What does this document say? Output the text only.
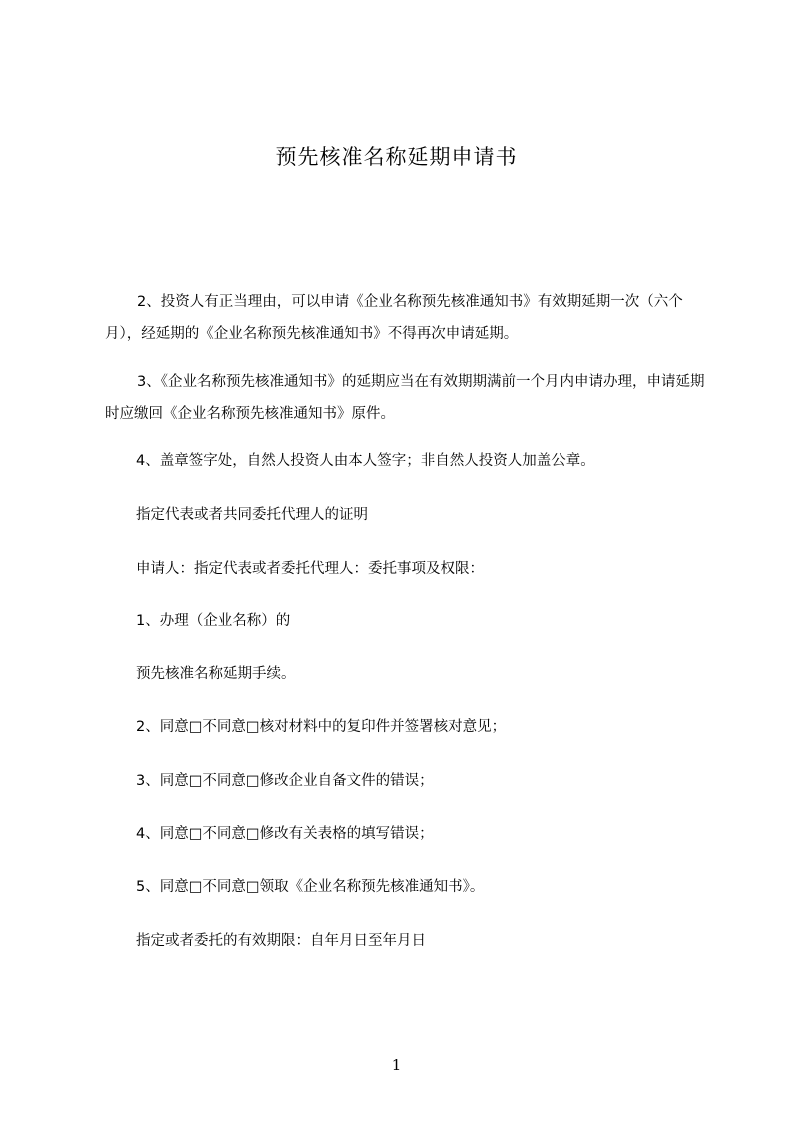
预先核准名称延期申请书

2、投资人有正当理由，可以申请《企业名称预先核准通知书》有效期延期一次（六个月），经延期的《企业名称预先核准通知书》不得再次申请延期。

3、《企业名称预先核准通知书》的延期应当在有效期期满前一个月内申请办理，申请延期时应缴回《企业名称预先核准通知书》原件。

4、盖章签字处，自然人投资人由本人签字；非自然人投资人加盖公章。
指定代表或者共同委托代理人的证明
申请人：指定代表或者委托代理人：委托事项及权限：
1、办理（企业名称）的
预先核准名称延期手续。
2、同意□不同意□核对材料中的复印件并签署核对意见；
3、同意□不同意□修改企业自备文件的错误；
4、同意□不同意□修改有关表格的填写错误；
5、同意□不同意□领取《企业名称预先核准通知书》。
指定或者委托的有效期限：自年月日至年月日
1
